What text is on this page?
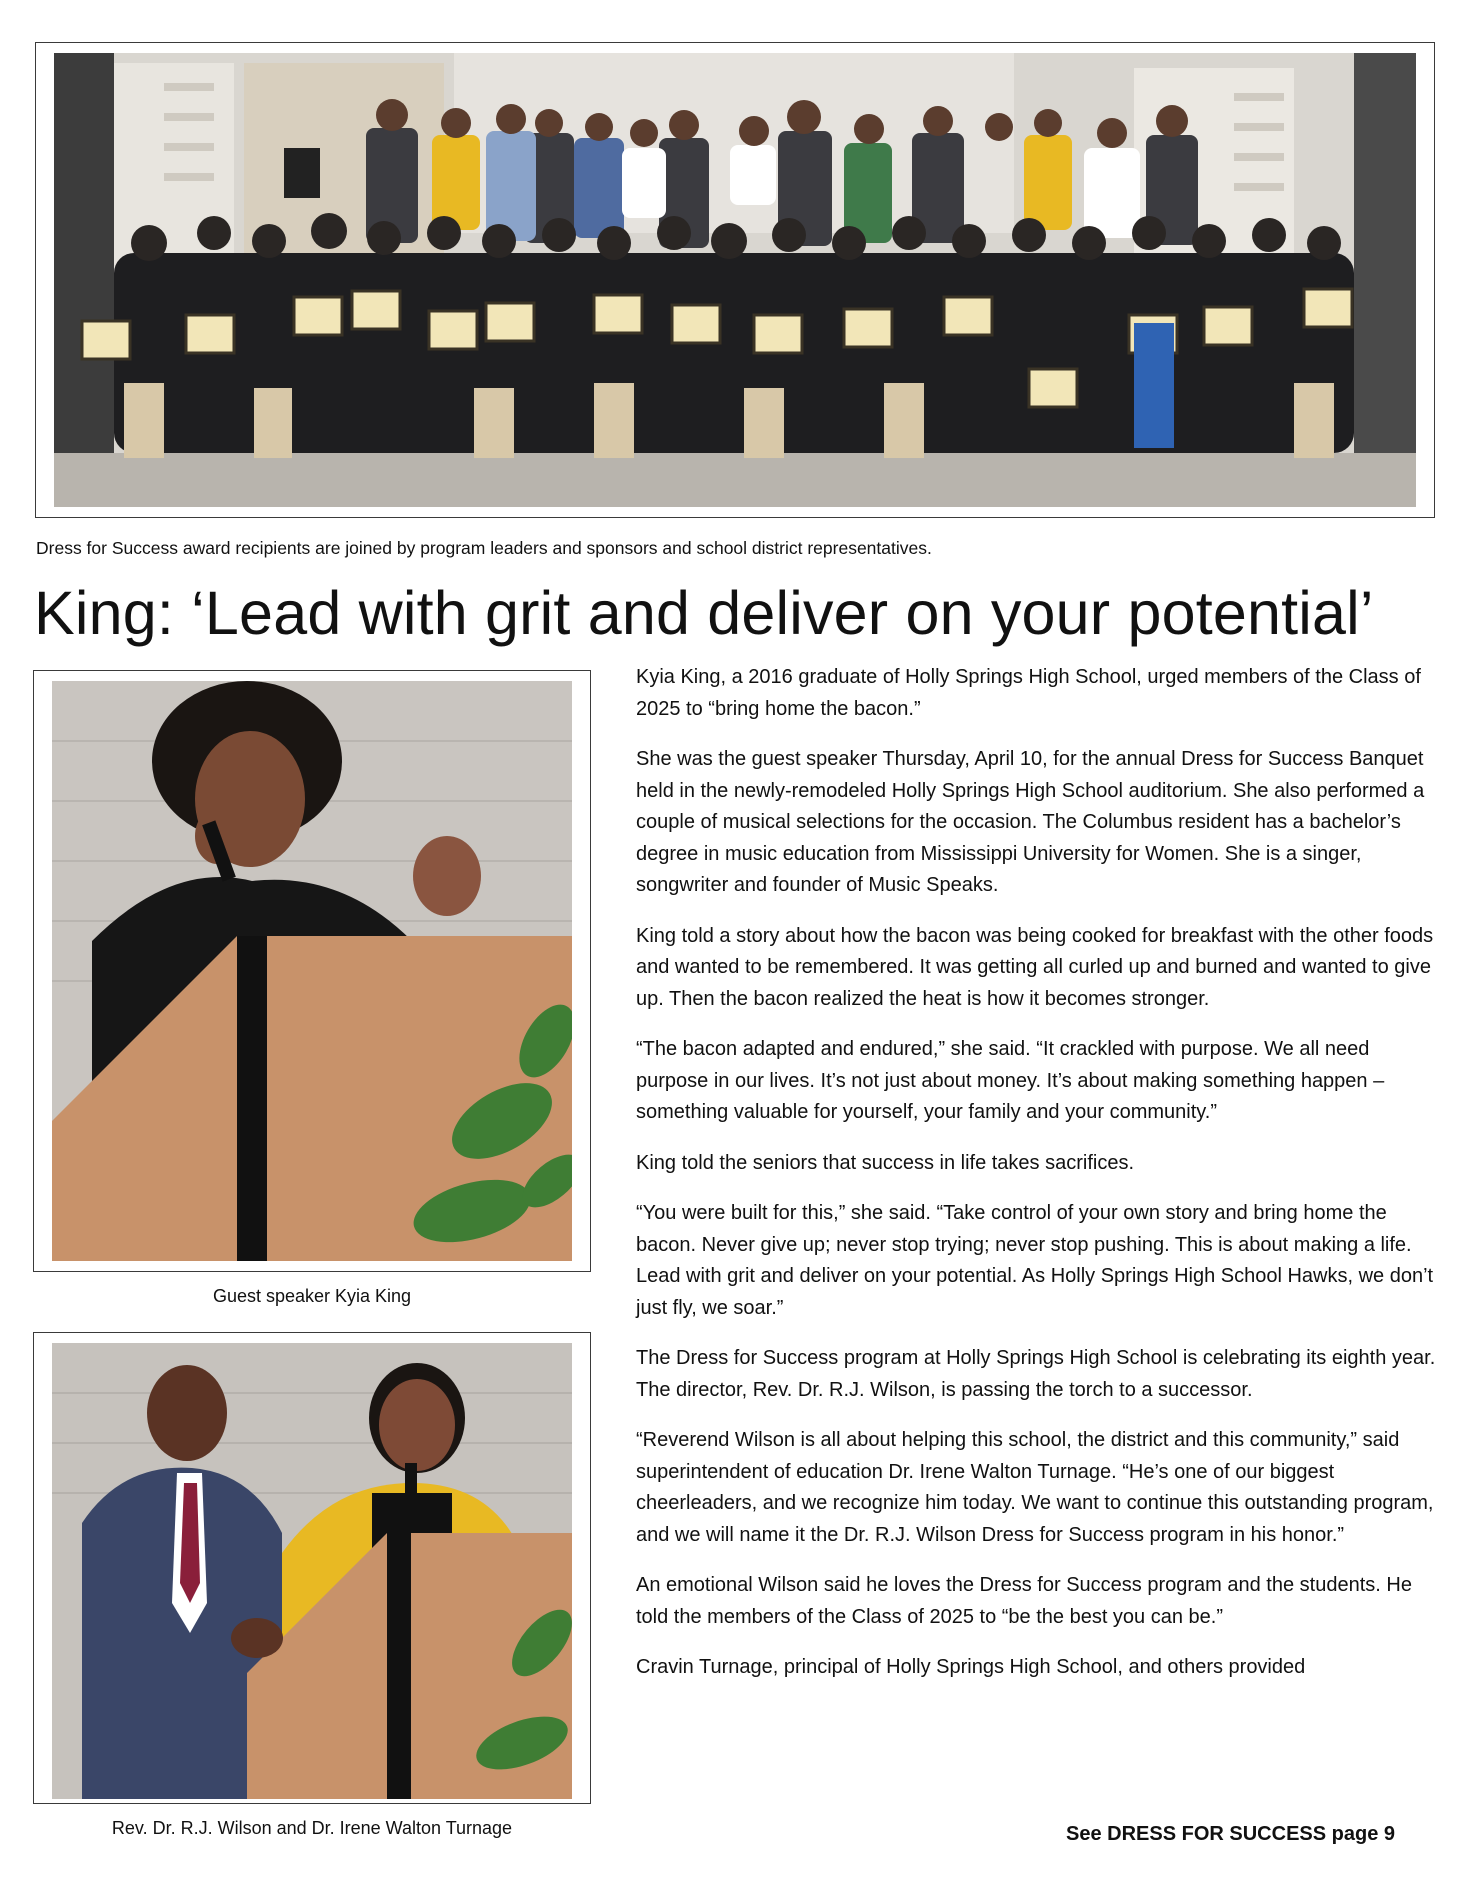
Dress for Success award recipients are joined by program leaders and sponsors and school district representatives.
King: ‘Lead with grit and deliver on your potential’
Guest speaker Kyia King
Rev. Dr. R.J. Wilson and Dr. Irene Walton Turnage

Kyia King, a 2016 graduate of Holly Springs High School, urged members of the Class of 2025 to “bring home the bacon.”

She was the guest speaker Thursday, April 10, for the annual Dress for Success Banquet held in the newly-remodeled Holly Springs High School auditorium. She also performed a couple of musical selections for the occasion. The Columbus resident has a bachelor’s degree in music education from Mississippi University for Women. She is a singer, songwriter and founder of Music Speaks.

King told a story about how the bacon was being cooked for breakfast with the other foods and wanted to be remembered. It was getting all curled up and burned and wanted to give up. Then the bacon realized the heat is how it becomes stronger.

“The bacon adapted and endured,” she said. “It crackled with purpose. We all need purpose in our lives. It’s not just about money. It’s about making something happen – something valuable for yourself, your family and your community.”

King told the seniors that success in life takes sacrifices.

“You were built for this,” she said. “Take control of your own story and bring home the bacon. Never give up; never stop trying; never stop pushing. This is about making a life. Lead with grit and deliver on your potential. As Holly Springs High School Hawks, we don’t just fly, we soar.”

The Dress for Success program at Holly Springs High School is celebrating its eighth year. The director, Rev. Dr. R.J. Wilson, is passing the torch to a successor.

“Reverend Wilson is all about helping this school, the district and this community,” said superintendent of education Dr. Irene Walton Turnage. “He’s one of our biggest cheerleaders, and we recognize him today. We want to continue this outstanding program, and we will name it the Dr. R.J. Wilson Dress for Success program in his honor.”

An emotional Wilson said he loves the Dress for Success program and the students. He told the members of the Class of 2025 to “be the best you can be.”

Cravin Turnage, principal of Holly Springs High School, and others provided

See DRESS FOR SUCCESS page 9
